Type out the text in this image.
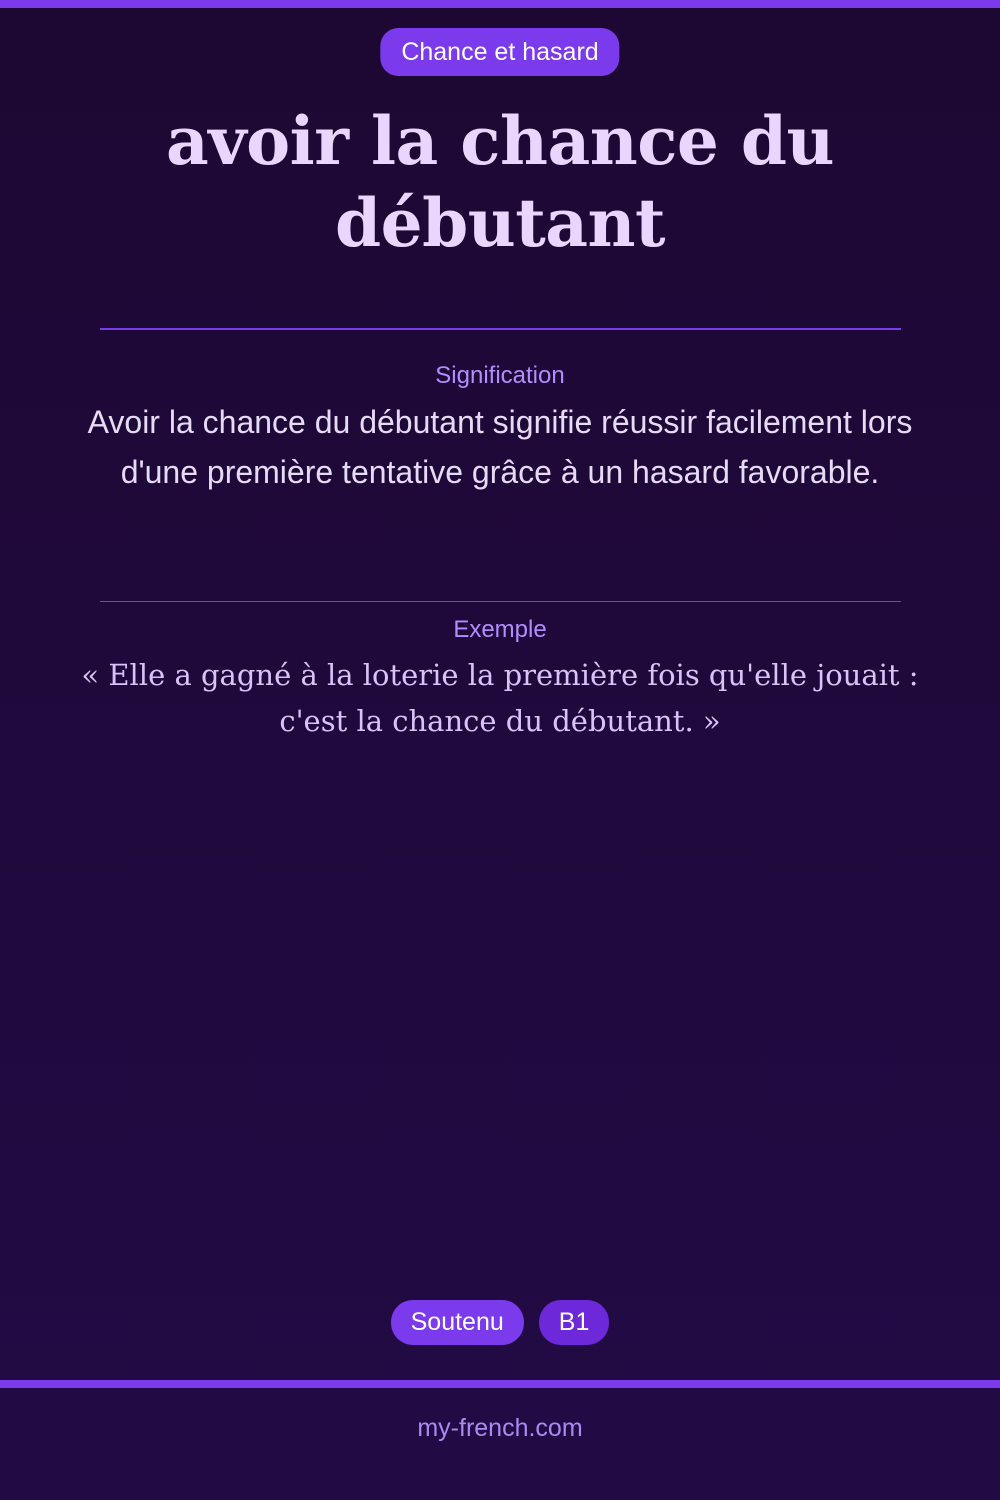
Chance et hasard
avoir la chance du débutant
Signification

Avoir la chance du débutant signifie réussir facilement lors d'une première tentative grâce à un hasard favorable.

Exemple

« Elle a gagné à la loterie la première fois qu'elle jouait : c'est la chance du débutant. »

Soutenu	B1
my-french.com
